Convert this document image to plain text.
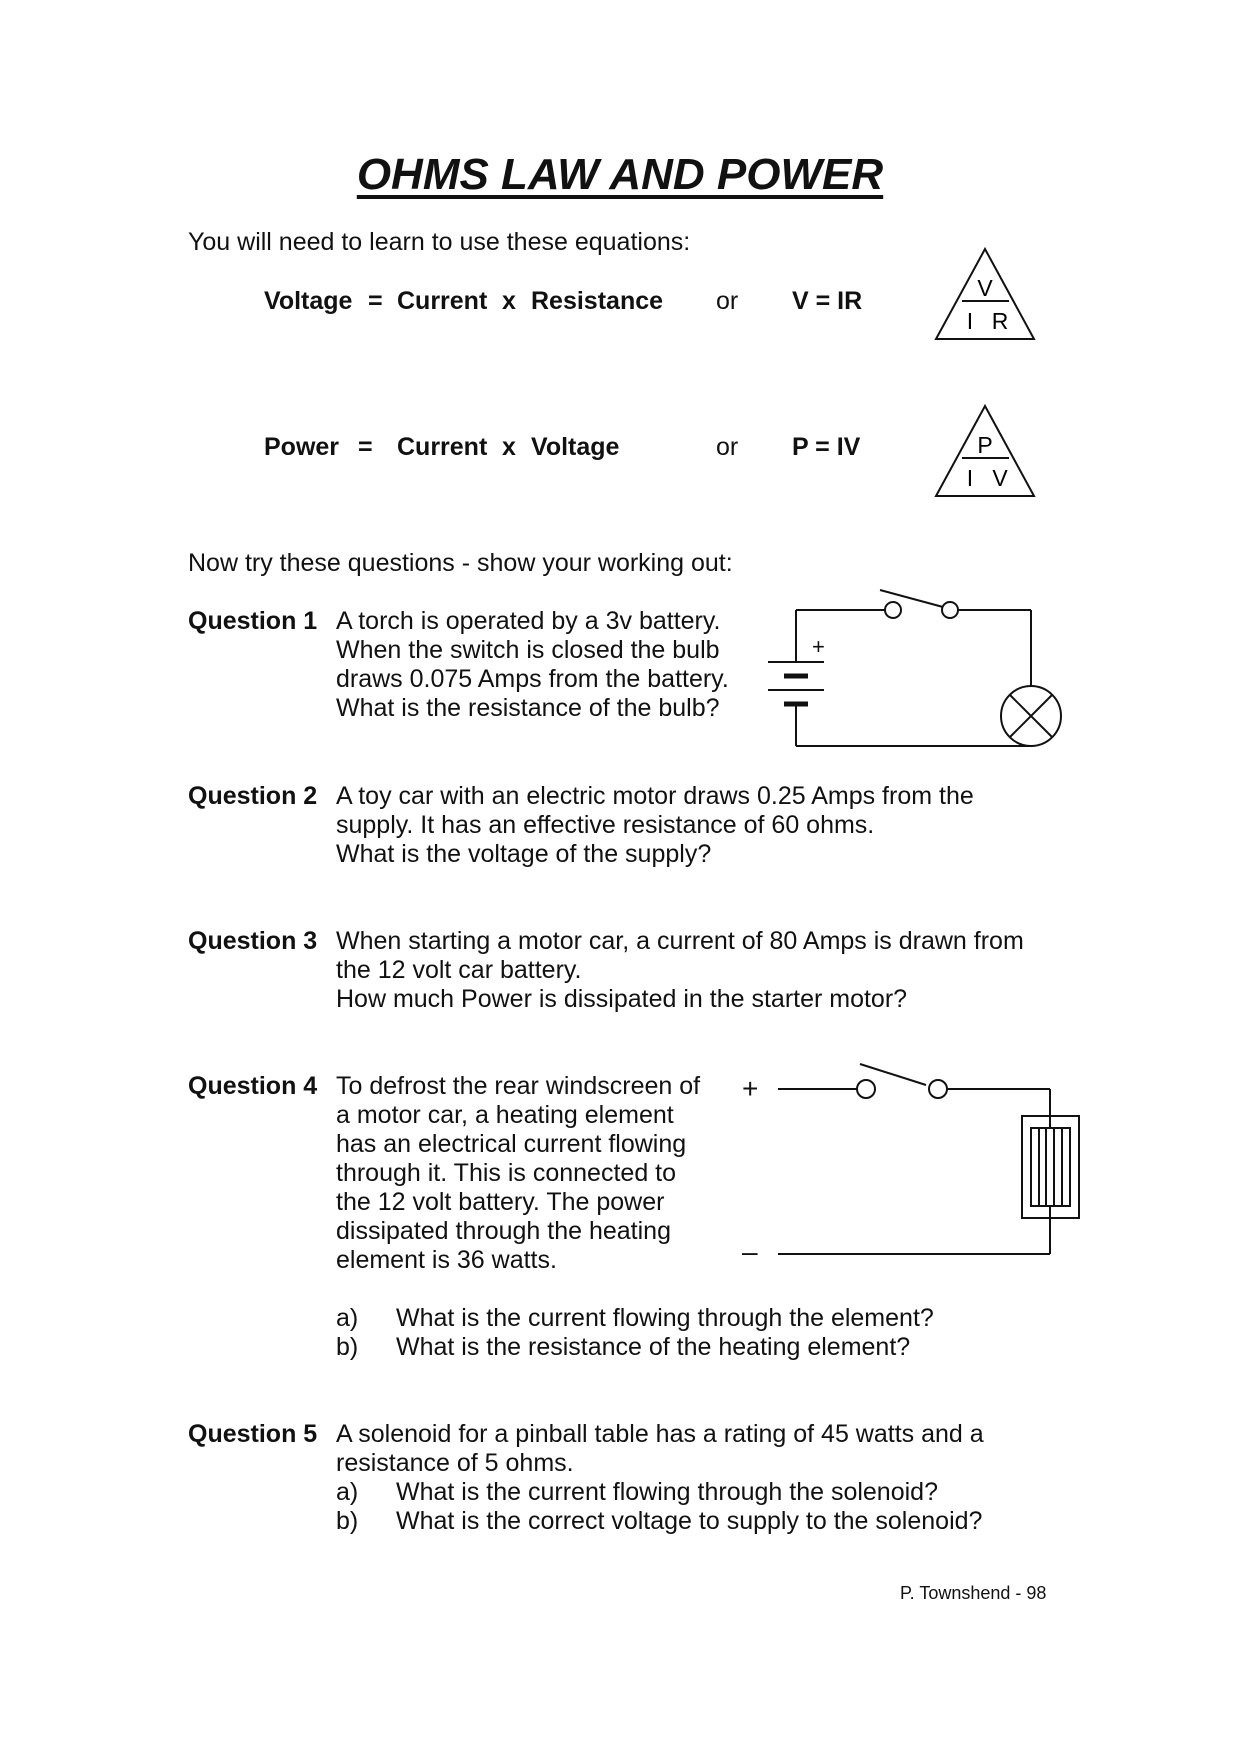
OHMS LAW AND POWER
You will need to learn to use these equations:
Voltage = Current x Resistance or V = IR	V
I R
Power = Current x Voltage	or P = IV	P
I V
Now try these questions - show your working out:
Question 1 A torch is operated by a 3v battery.
When the switch is closed the bulb
draws 0.075 Amps from the battery.
What is the resistance of the bulb?
+
Question 2 A toy car with an electric motor draws 0.25 Amps from the
supply. It has an effective resistance of 60 ohms.
What is the voltage of the supply?
Question 3 When starting a motor car, a current of 80 Amps is drawn from
the 12 volt car battery.
How much Power is dissipated in the starter motor?
Question 4 To defrost the rear windscreen of
a motor car, a heating element
has an electrical current flowing
through it. This is connected to
the 12 volt battery. The power
dissipated through the heating
element is 36 watts.
+
–
a) What is the current flowing through the element?
b) What is the resistance of the heating element?
Question 5 A solenoid for a pinball table has a rating of 45 watts and a
resistance of 5 ohms.
a) What is the current flowing through the solenoid?
b) What is the correct voltage to supply to the solenoid?
P. Townshend - 98
